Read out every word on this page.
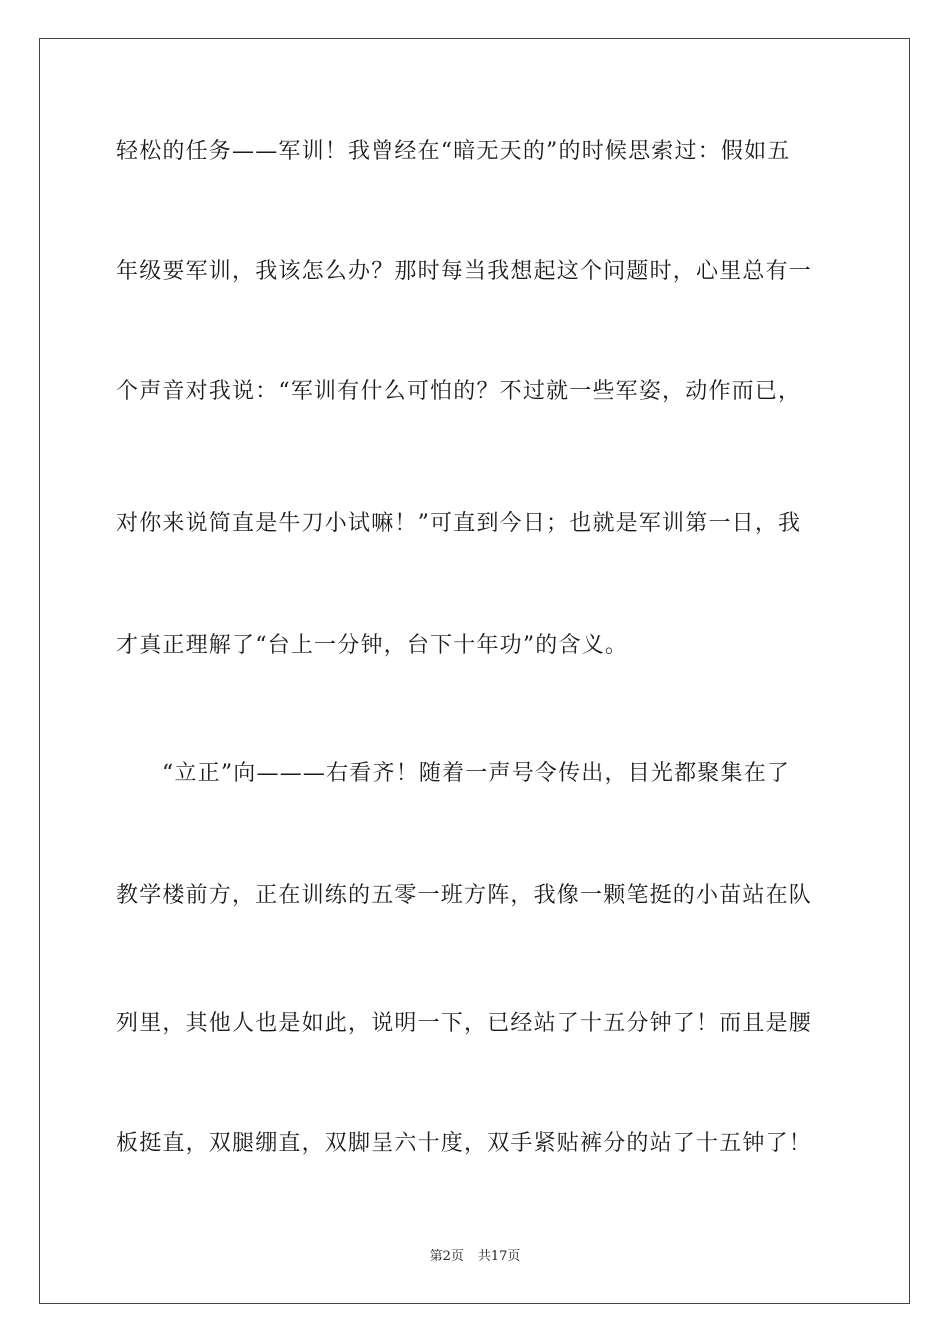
轻松的任务——军训！我曾经在“暗无天的”的时候思索过：假如五
年级要军训，我该怎么办？那时每当我想起这个问题时，心里总有一
个声音对我说：“军训有什么可怕的？不过就一些军姿，动作而已，
对你来说简直是牛刀小试嘛！”可直到今日；也就是军训第一日，我
才真正理解了“台上一分钟，台下十年功”的含义。
“立正”向———右看齐！随着一声号令传出，目光都聚集在了
教学楼前方，正在训练的五零一班方阵，我像一颗笔挺的小苗站在队
列里，其他人也是如此，说明一下，已经站了十五分钟了！而且是腰
板挺直，双腿绷直，双脚呈六十度，双手紧贴裤分的站了十五钟了！
第2页 共17页
